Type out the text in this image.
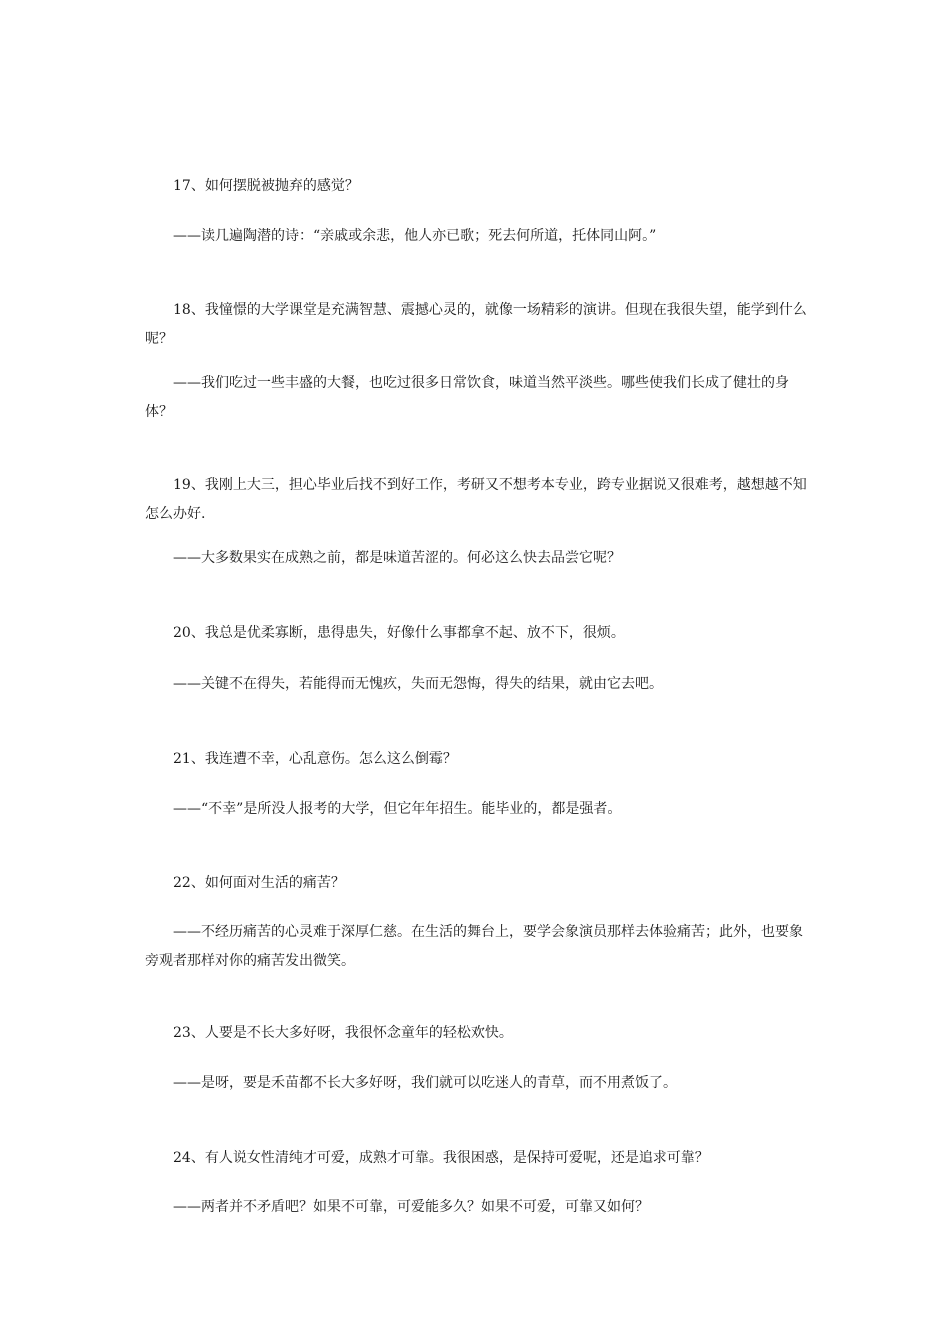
17、如何摆脱被抛弃的感觉？

——读几遍陶潜的诗：“亲戚或余悲，他人亦已歌；死去何所道，托体同山阿。”

18、我憧憬的大学课堂是充满智慧、震撼心灵的，就像一场精彩的演讲。但现在我很失望，能学到什么呢？

——我们吃过一些丰盛的大餐，也吃过很多日常饮食，味道当然平淡些。哪些使我们长成了健壮的身体？

19、我刚上大三，担心毕业后找不到好工作，考研又不想考本专业，跨专业据说又很难考，越想越不知怎么办好.

——大多数果实在成熟之前，都是味道苦涩的。何必这么快去品尝它呢？

20、我总是优柔寡断，患得患失，好像什么事都拿不起、放不下，很烦。

——关键不在得失，若能得而无愧疚，失而无怨悔，得失的结果，就由它去吧。

21、我连遭不幸，心乱意伤。怎么这么倒霉？

——“不幸”是所没人报考的大学，但它年年招生。能毕业的，都是强者。

22、如何面对生活的痛苦？

——不经历痛苦的心灵难于深厚仁慈。在生活的舞台上，要学会象演员那样去体验痛苦；此外，也要象旁观者那样对你的痛苦发出微笑。

23、人要是不长大多好呀，我很怀念童年的轻松欢快。

——是呀，要是禾苗都不长大多好呀，我们就可以吃迷人的青草，而不用煮饭了。

24、有人说女性清纯才可爱，成熟才可靠。我很困惑，是保持可爱呢，还是追求可靠？

——两者并不矛盾吧？如果不可靠，可爱能多久？如果不可爱，可靠又如何？
